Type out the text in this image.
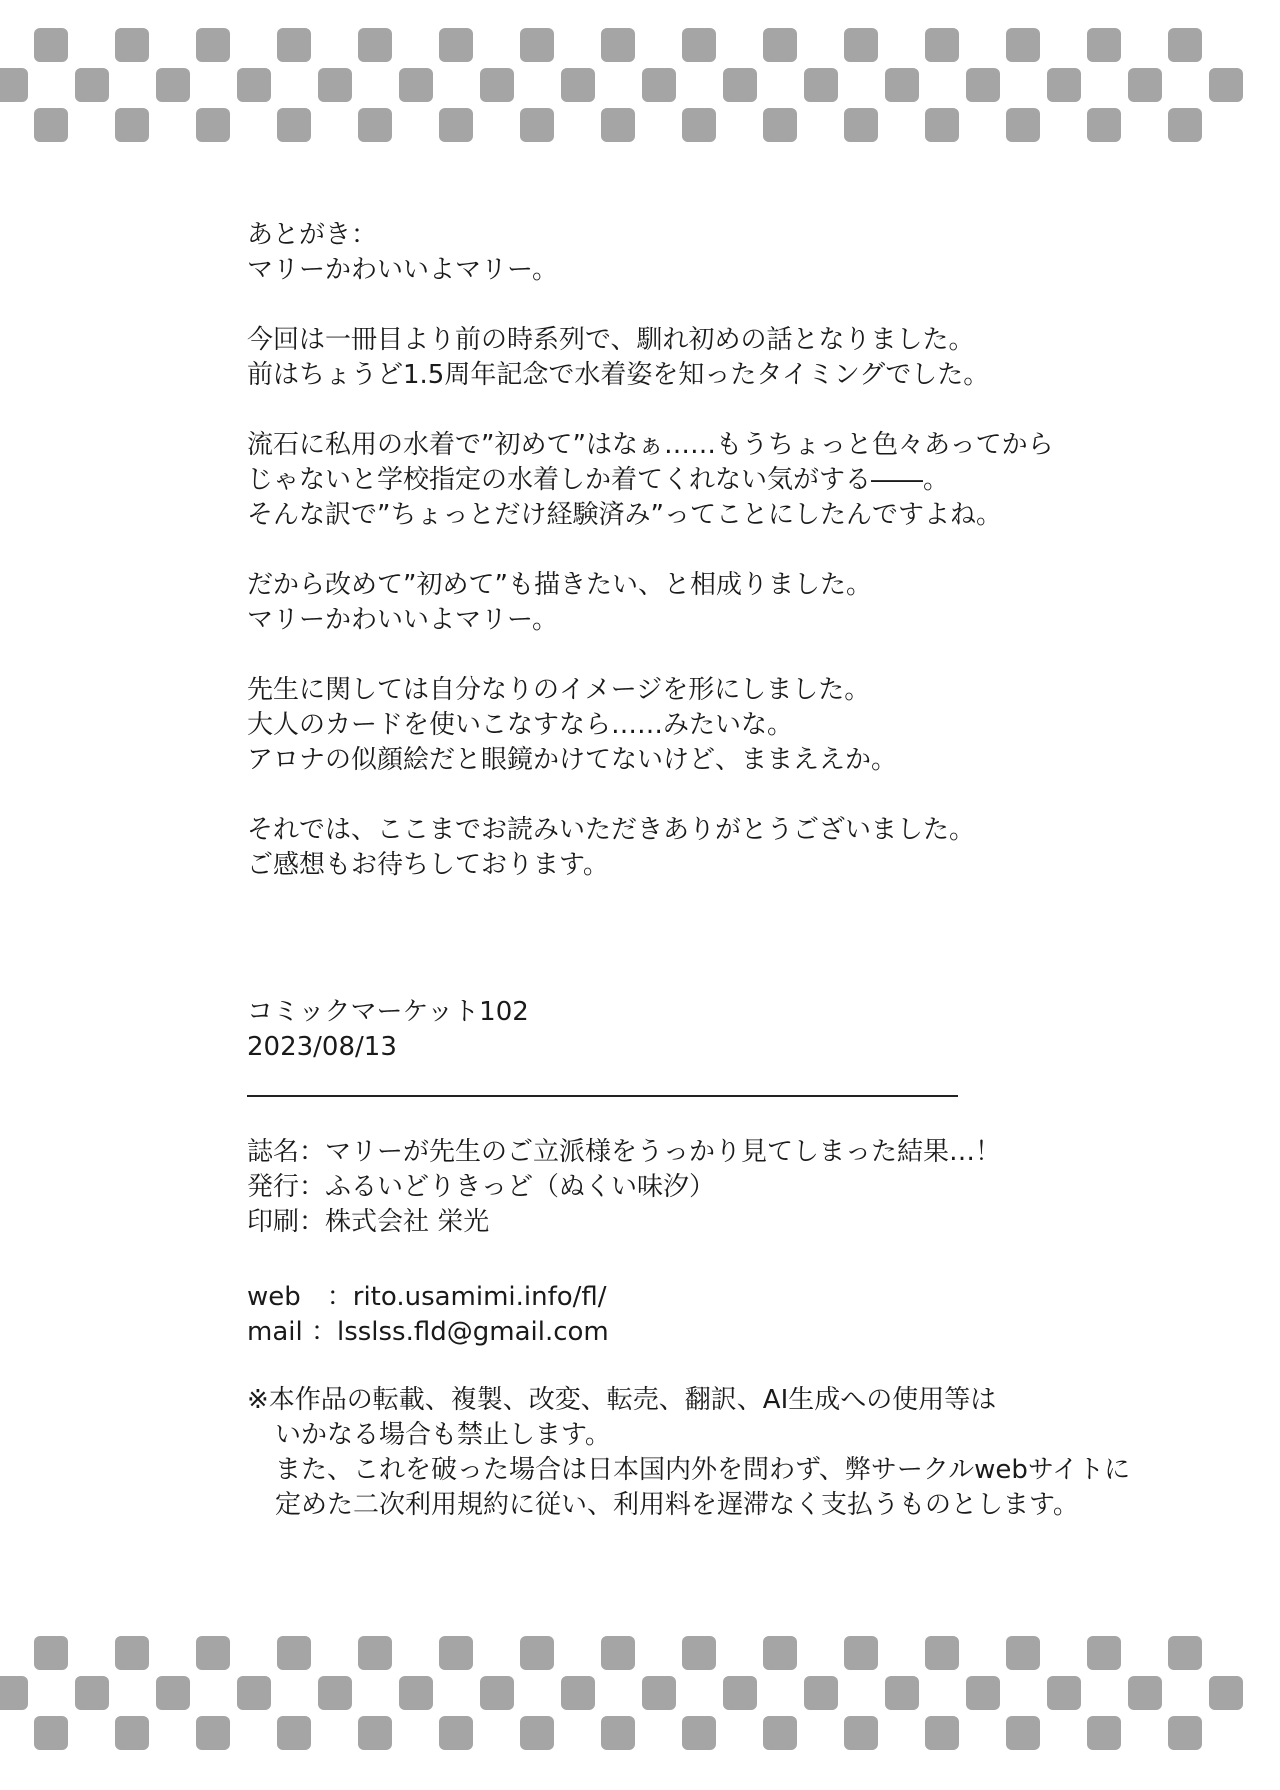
あとがき：
マリーかわいいよマリー。
今回は一冊目より前の時系列で、馴れ初めの話となりました。
前はちょうど1.5周年記念で水着姿を知ったタイミングでした。
流石に私用の水着で”初めて”はなぁ……もうちょっと色々あってから
じゃないと学校指定の水着しか着てくれない気がする――。
そんな訳で”ちょっとだけ経験済み”ってことにしたんですよね。
だから改めて”初めて”も描きたい、と相成りました。
マリーかわいいよマリー。
先生に関しては自分なりのイメージを形にしました。
大人のカードを使いこなすなら……みたいな。
アロナの似顔絵だと眼鏡かけてないけど、ままええか。
それでは、ここまでお読みいただきありがとうございました。
ご感想もお待ちしております。
コミックマーケット102
2023/08/13
誌名：マリーが先生のご立派様をうっかり見てしまった結果…！
発行：ふるいどりきっど（ぬくい味汐）
印刷：株式会社 栄光
web　：rito.usamimi.info/fl/
mail ：lsslss.fld@gmail.com
※本作品の転載、複製、改変、転売、翻訳、AI生成への使用等は
いかなる場合も禁止します。
また、これを破った場合は日本国内外を問わず、弊サークルwebサイトに
定めた二次利用規約に従い、利用料を遅滞なく支払うものとします。
